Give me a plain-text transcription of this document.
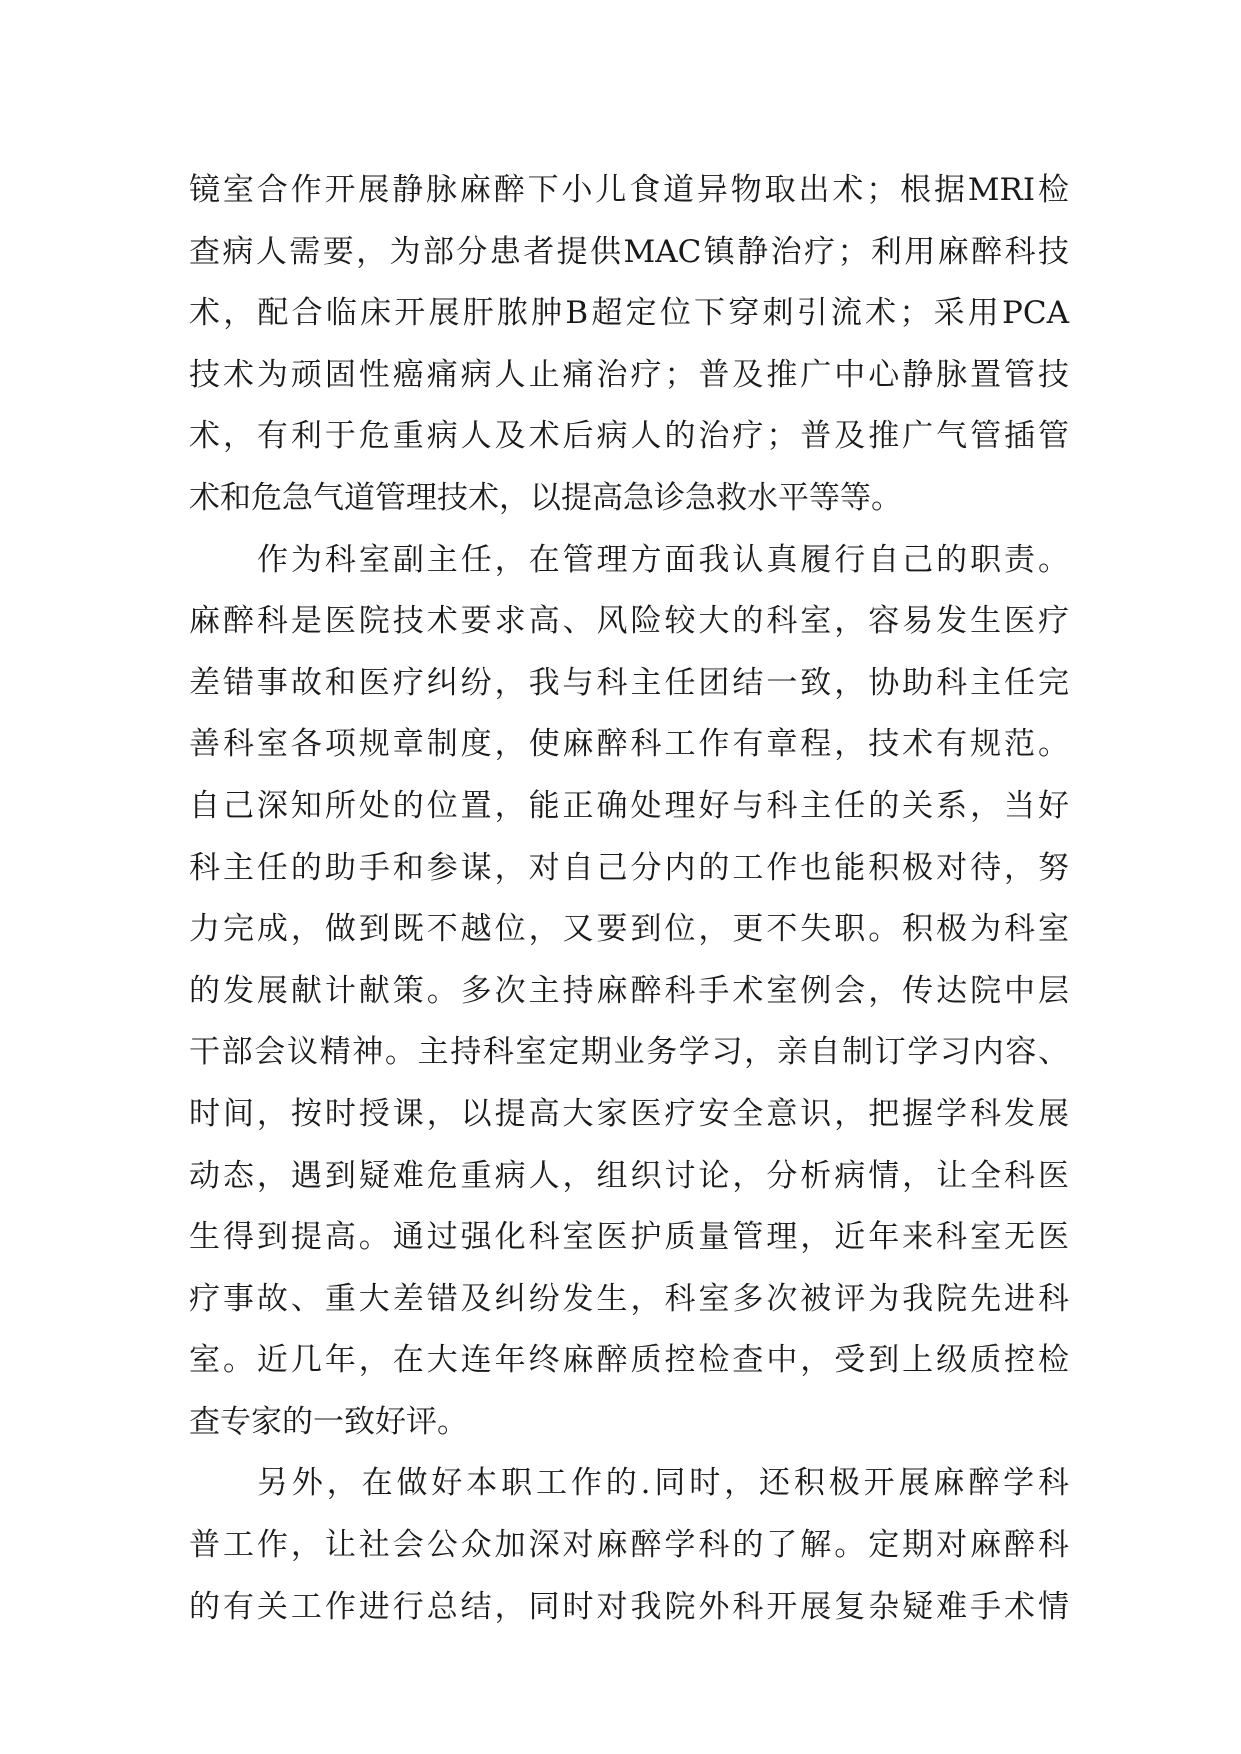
镜室合作开展静脉麻醉下小儿食道异物取出术；根据MRI检
查病人需要，为部分患者提供MAC镇静治疗；利用麻醉科技
术，配合临床开展肝脓肿B超定位下穿刺引流术；采用PCA
技术为顽固性癌痛病人止痛治疗；普及推广中心静脉置管技
术，有利于危重病人及术后病人的治疗；普及推广气管插管
术和危急气道管理技术，以提高急诊急救水平等等。
作为科室副主任，在管理方面我认真履行自己的职责。
麻醉科是医院技术要求高、风险较大的科室，容易发生医疗
差错事故和医疗纠纷，我与科主任团结一致，协助科主任完
善科室各项规章制度，使麻醉科工作有章程，技术有规范。
自己深知所处的位置，能正确处理好与科主任的关系，当好
科主任的助手和参谋，对自己分内的工作也能积极对待，努
力完成，做到既不越位，又要到位，更不失职。积极为科室
的发展献计献策。多次主持麻醉科手术室例会，传达院中层
干部会议精神。主持科室定期业务学习，亲自制订学习内容、
时间，按时授课，以提高大家医疗安全意识，把握学科发展
动态，遇到疑难危重病人，组织讨论，分析病情，让全科医
生得到提高。通过强化科室医护质量管理，近年来科室无医
疗事故、重大差错及纠纷发生，科室多次被评为我院先进科
室。近几年，在大连年终麻醉质控检查中，受到上级质控检
查专家的一致好评。
另外，在做好本职工作的.同时，还积极开展麻醉学科
普工作，让社会公众加深对麻醉学科的了解。定期对麻醉科
的有关工作进行总结，同时对我院外科开展复杂疑难手术情
